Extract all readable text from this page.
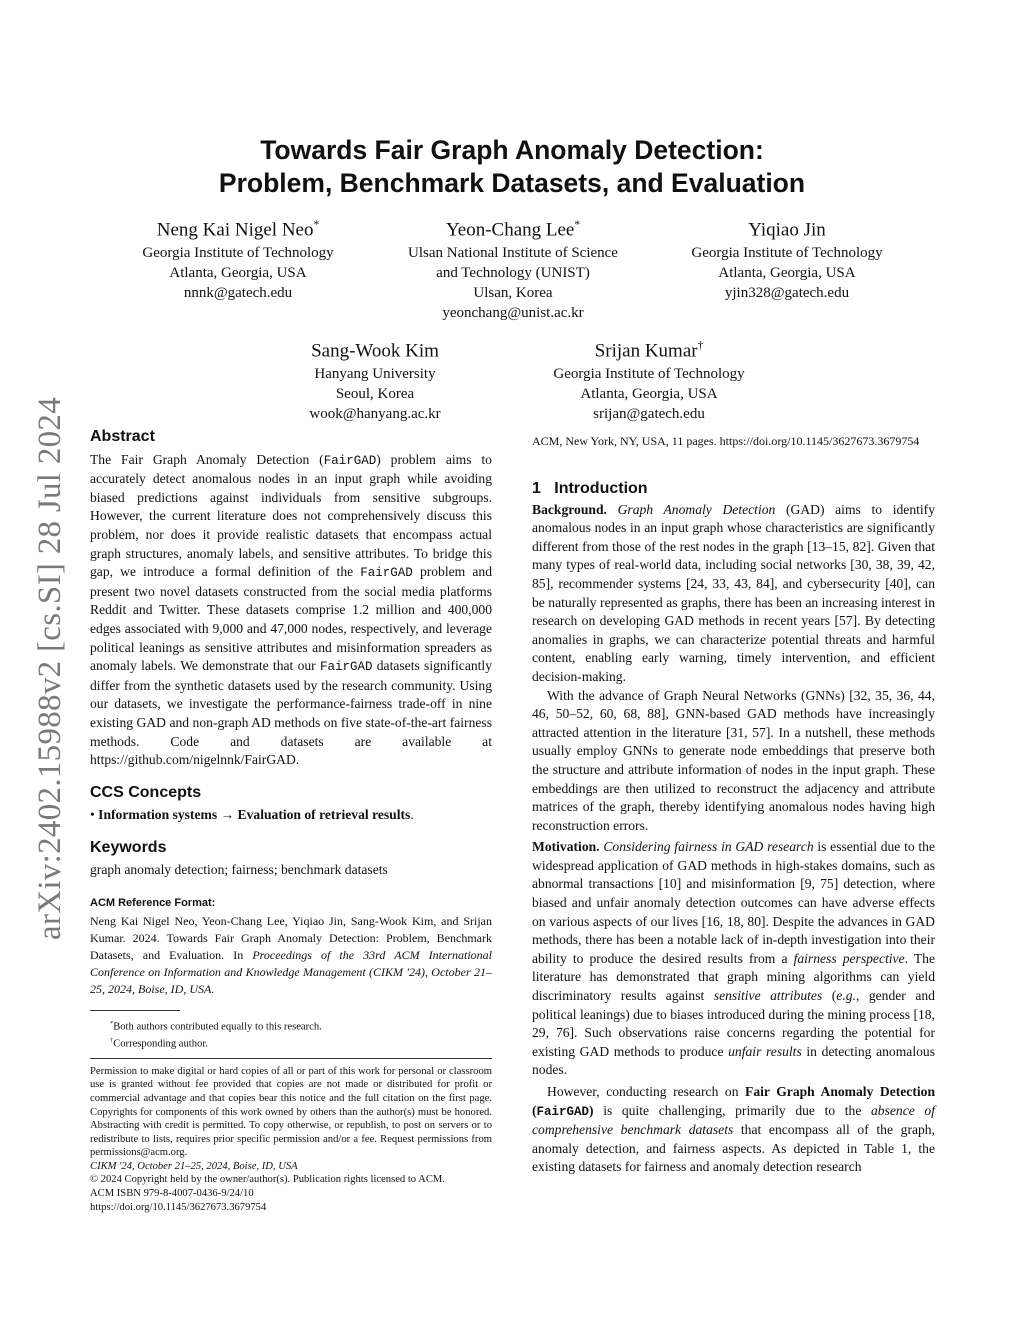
arXiv:2402.15988v2 [cs.SI] 28 Jul 2024
Towards Fair Graph Anomaly Detection:
Problem, Benchmark Datasets, and Evaluation
Neng Kai Nigel Neo*
Georgia Institute of Technology
Atlanta, Georgia, USA
nnnk@gatech.edu
Yeon-Chang Lee*
Ulsan National Institute of Science
and Technology (UNIST)
Ulsan, Korea
yeonchang@unist.ac.kr
Yiqiao Jin
Georgia Institute of Technology
Atlanta, Georgia, USA
yjin328@gatech.edu
Sang-Wook Kim
Hanyang University
Seoul, Korea
wook@hanyang.ac.kr
Srijan Kumar†
Georgia Institute of Technology
Atlanta, Georgia, USA
srijan@gatech.edu
Abstract

The Fair Graph Anomaly Detection (FairGAD) problem aims to accurately detect anomalous nodes in an input graph while avoiding biased predictions against individuals from sensitive subgroups. However, the current literature does not comprehensively discuss this problem, nor does it provide realistic datasets that encompass actual graph structures, anomaly labels, and sensitive attributes. To bridge this gap, we introduce a formal definition of the FairGAD problem and present two novel datasets constructed from the social media platforms Reddit and Twitter. These datasets comprise 1.2 million and 400,000 edges associated with 9,000 and 47,000 nodes, respectively, and leverage political leanings as sensitive attributes and misinformation spreaders as anomaly labels. We demonstrate that our FairGAD datasets significantly differ from the synthetic datasets used by the research community. Using our datasets, we investigate the performance-fairness trade-off in nine existing GAD and non-graph AD methods on five state-of-the-art fairness methods. Code and datasets are available at https://github.com/nigelnnk/FairGAD.

CCS Concepts

• Information systems → Evaluation of retrieval results.

Keywords

graph anomaly detection; fairness; benchmark datasets

ACM Reference Format:

Neng Kai Nigel Neo, Yeon-Chang Lee, Yiqiao Jin, Sang-Wook Kim, and Srijan Kumar. 2024. Towards Fair Graph Anomaly Detection: Problem, Benchmark Datasets, and Evaluation. In Proceedings of the 33rd ACM International Conference on Information and Knowledge Management (CIKM '24), October 21–25, 2024, Boise, ID, USA.

*Both authors contributed equally to this research.
†Corresponding author.

Permission to make digital or hard copies of all or part of this work for personal or classroom use is granted without fee provided that copies are not made or distributed for profit or commercial advantage and that copies bear this notice and the full citation on the first page. Copyrights for components of this work owned by others than the author(s) must be honored. Abstracting with credit is permitted. To copy otherwise, or republish, to post on servers or to redistribute to lists, requires prior specific permission and/or a fee. Request permissions from permissions@acm.org.

CIKM '24, October 21–25, 2024, Boise, ID, USA
© 2024 Copyright held by the owner/author(s). Publication rights licensed to ACM.
ACM ISBN 979-8-4007-0436-9/24/10
https://doi.org/10.1145/3627673.3679754

ACM, New York, NY, USA, 11 pages. https://doi.org/10.1145/3627673.3679754

1 Introduction

Background. Graph Anomaly Detection (GAD) aims to identify anomalous nodes in an input graph whose characteristics are significantly different from those of the rest nodes in the graph [13–15, 82]. Given that many types of real-world data, including social networks [30, 38, 39, 42, 85], recommender systems [24, 33, 43, 84], and cybersecurity [40], can be naturally represented as graphs, there has been an increasing interest in research on developing GAD methods in recent years [57]. By detecting anomalies in graphs, we can characterize potential threats and harmful content, enabling early warning, timely intervention, and efficient decision-making.

With the advance of Graph Neural Networks (GNNs) [32, 35, 36, 44, 46, 50–52, 60, 68, 88], GNN-based GAD methods have increasingly attracted attention in the literature [31, 57]. In a nutshell, these methods usually employ GNNs to generate node embeddings that preserve both the structure and attribute information of nodes in the input graph. These embeddings are then utilized to reconstruct the adjacency and attribute matrices of the graph, thereby identifying anomalous nodes having high reconstruction errors.

Motivation. Considering fairness in GAD research is essential due to the widespread application of GAD methods in high-stakes domains, such as abnormal transactions [10] and misinformation [9, 75] detection, where biased and unfair anomaly detection outcomes can have adverse effects on various aspects of our lives [16, 18, 80]. Despite the advances in GAD methods, there has been a notable lack of in-depth investigation into their ability to produce the desired results from a fairness perspective. The literature has demonstrated that graph mining algorithms can yield discriminatory results against sensitive attributes (e.g., gender and political leanings) due to biases introduced during the mining process [18, 29, 76]. Such observations raise concerns regarding the potential for existing GAD methods to produce unfair results in detecting anomalous nodes.

However, conducting research on Fair Graph Anomaly Detection (FairGAD) is quite challenging, primarily due to the absence of comprehensive benchmark datasets that encompass all of the graph, anomaly detection, and fairness aspects. As depicted in Table 1, the existing datasets for fairness and anomaly detection research
